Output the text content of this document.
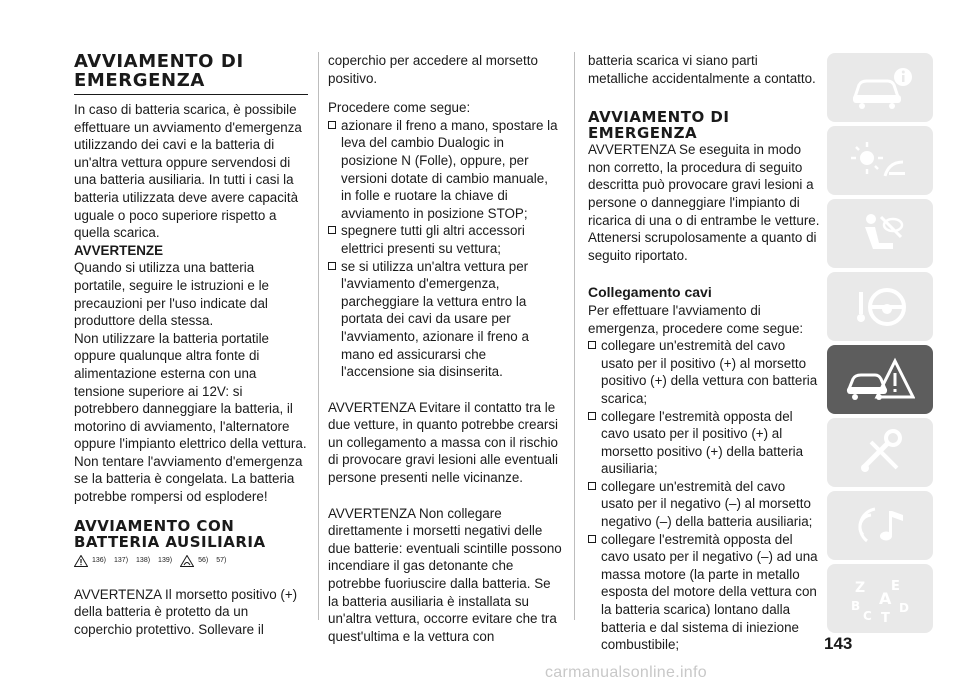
AVVIAMENTO DI EMERGENZA

In caso di batteria scarica, è possibile effettuare un avviamento d'emergenza utilizzando dei cavi e la batteria di un'altra vettura oppure servendosi di una batteria ausiliaria. In tutti i casi la batteria utilizzata deve avere capacità uguale o poco superiore rispetto a quella scarica.

AVVERTENZE

Quando si utilizza una batteria portatile, seguire le istruzioni e le precauzioni per l'uso indicate dal produttore della stessa.

Non utilizzare la batteria portatile oppure qualunque altra fonte di alimentazione esterna con una tensione superiore ai 12V: si potrebbero danneggiare la batteria, il motorino di avviamento, l'alternatore oppure l'impianto elettrico della vettura.

Non tentare l'avviamento d'emergenza se la batteria è congelata. La batteria potrebbe rompersi od esplodere!

AVVIAMENTO CON BATTERIA AUSILIARIA
136) 137) 138) 139)	56) 57)

AVVERTENZA Il morsetto positivo (+) della batteria è protetto da un coperchio protettivo. Sollevare il

coperchio per accedere al morsetto positivo.

Procedere come segue:

azionare il freno a mano, spostare la leva del cambio Dualogic in posizione N (Folle), oppure, per versioni dotate di cambio manuale, in folle e ruotare la chiave di avviamento in posizione STOP;
spegnere tutti gli altri accessori elettrici presenti su vettura;
se si utilizza un'altra vettura per l'avviamento d'emergenza, parcheggiare la vettura entro la portata dei cavi da usare per l'avviamento, azionare il freno a mano ed assicurarsi che l'accensione sia disinserita.

AVVERTENZA Evitare il contatto tra le due vetture, in quanto potrebbe crearsi un collegamento a massa con il rischio di provocare gravi lesioni alle eventuali persone presenti nelle vicinanze.

AVVERTENZA Non collegare direttamente i morsetti negativi delle due batterie: eventuali scintille possono incendiare il gas detonante che potrebbe fuoriuscire dalla batteria. Se la batteria ausiliaria è installata su un'altra vettura, occorre evitare che tra quest'ultima e la vettura con

batteria scarica vi siano parti metalliche accidentalmente a contatto.

AVVIAMENTO DI EMERGENZA

AVVERTENZA Se eseguita in modo non corretto, la procedura di seguito descritta può provocare gravi lesioni a persone o danneggiare l'impianto di ricarica di una o di entrambe le vetture. Attenersi scrupolosamente a quanto di seguito riportato.

Collegamento cavi

Per effettuare l'avviamento di emergenza, procedere come segue:

collegare un'estremità del cavo usato per il positivo (+) al morsetto positivo (+) della vettura con batteria scarica;
collegare l'estremità opposta del cavo usato per il positivo (+) al morsetto positivo (+) della batteria ausiliaria;
collegare un'estremità del cavo usato per il negativo (–) al morsetto negativo (–) della batteria ausiliaria;
collegare l'estremità opposta del cavo usato per il negativo (–) ad una massa motore (la parte in metallo esposta del motore della vettura con la batteria scarica) lontano dalla batteria e dal sistema di iniezione combustibile;	143
Z E
A
B	D
C T
carmanualsonline.info
